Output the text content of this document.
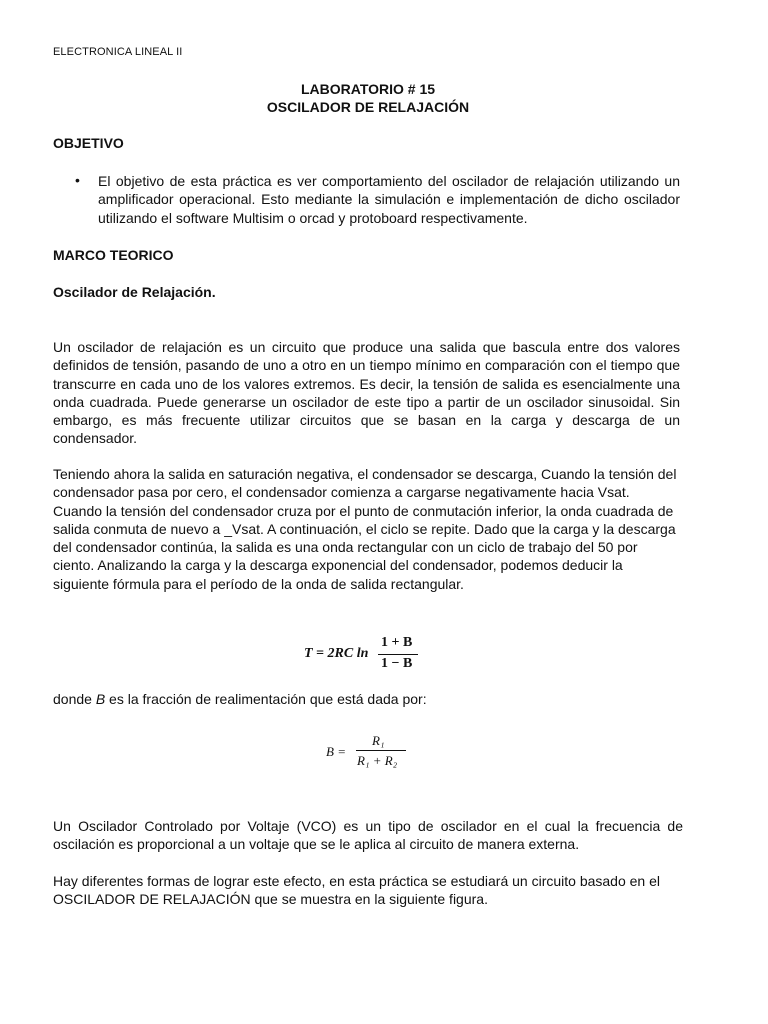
ELECTRONICA LINEAL II
LABORATORIO # 15
OSCILADOR DE RELAJACIÓN
OBJETIVO
• El objetivo de esta práctica es ver comportamiento del oscilador de relajación utilizando un amplificador operacional. Esto mediante la simulación e implementación de dicho oscilador utilizando el software Multisim o orcad y protoboard respectivamente.

MARCO TEORICO
Oscilador de Relajación.

Un oscilador de relajación es un circuito que produce una salida que bascula entre dos valores definidos de tensión, pasando de uno a otro en un tiempo mínimo en comparación con el tiempo que transcurre en cada uno de los valores extremos. Es decir, la tensión de salida es esencialmente una onda cuadrada. Puede generarse un oscilador de este tipo a partir de un oscilador sinusoidal. Sin embargo, es más frecuente utilizar circuitos que se basan en la carga y descarga de un condensador.

Teniendo ahora la salida en saturación negativa, el condensador se descarga, Cuando la tensión del condensador pasa por cero, el condensador comienza a cargarse negativamente hacia Vsat. Cuando la tensión del condensador cruza por el punto de conmutación inferior, la onda cuadrada de salida conmuta de nuevo a _Vsat. A continuación, el ciclo se repite. Dado que la carga y la descarga del condensador continúa, la salida es una onda rectangular con un ciclo de trabajo del 50 por ciento. Analizando la carga y la descarga exponencial del condensador, podemos deducir la siguiente fórmula para el período de la onda de salida rectangular.

T = 2RC ln
1 + B
1 − B

donde B es la fracción de realimentación que está dada por:

B =
R₁
R₁ + R₂

Un Oscilador Controlado por Voltaje (VCO) es un tipo de oscilador en el cual la frecuencia de oscilación es proporcional a un voltaje que se le aplica al circuito de manera externa.

Hay diferentes formas de lograr este efecto, en esta práctica se estudiará un circuito basado en el OSCILADOR DE RELAJACIÓN que se muestra en la siguiente figura.
